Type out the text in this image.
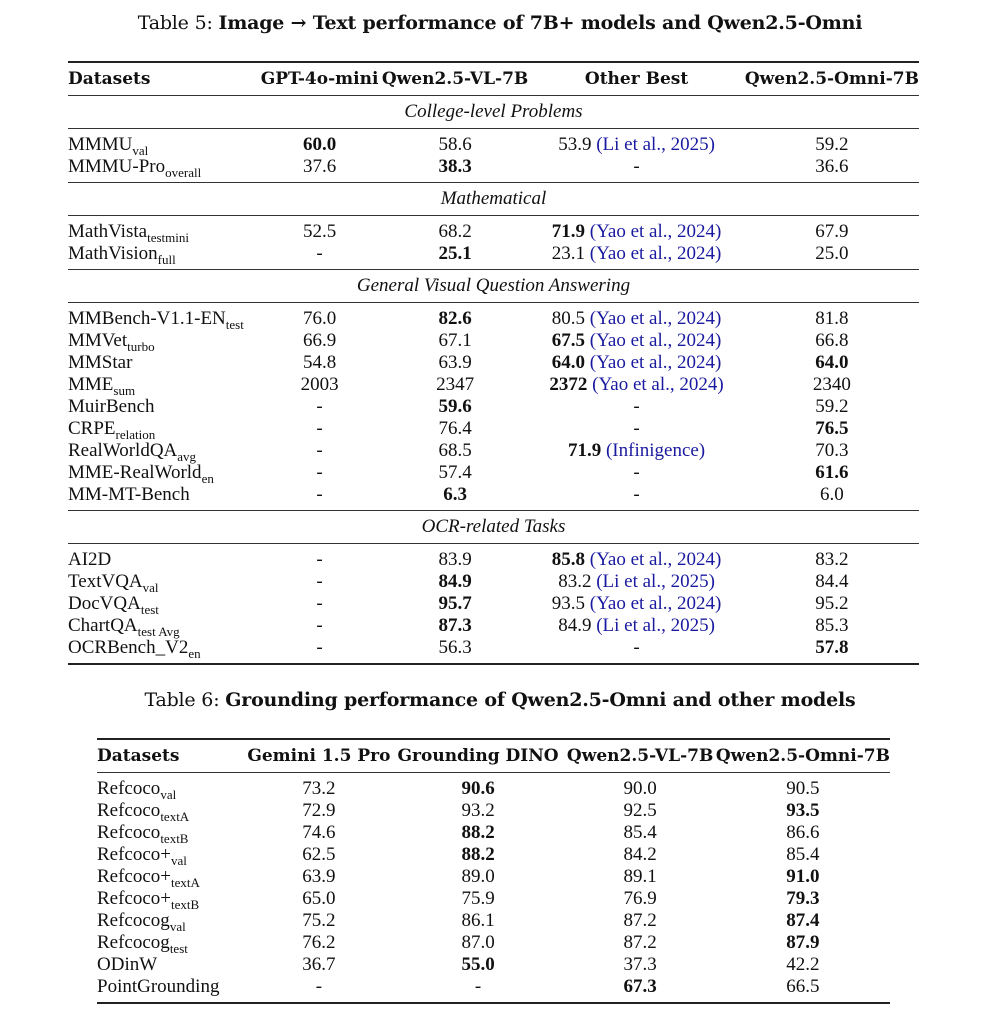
Table 5: Image → Text performance of 7B+ models and Qwen2.5-Omni
Datasets	GPT-4o-mini	Qwen2.5-VL-7B	Other Best	Qwen2.5-Omni-7B
College-level Problems				
$MMMU_{val}$	60.0	58.6	53.9 (Li et al., 2025)	59.2
MMMU-Pro$_{overall}$	37.6	38.3	-	36.6
Mathematical				
MathVista$_{testmini}$	52.5	68.2	71.9 (Yao et al., 2024)	67.9
MathVision$_{full}$	-	25.1	23.1 (Yao et al., 2024)	25.0
General Visual Question Answering				
MMBench-$V1.1-EN_{test}$	76.0	82.6	80.5 (Yao et al., 2024)	81.8
MMVet$_{turbo}$	66.9	67.1	67.5 (Yao et al., 2024)	66.8
MMStar	54.8	63.9	64.0 (Yao et al., 2024)	64.0
$MME_{sum}$	2003	2347	2372 (Yao et al., 2024)	2340
MuirBench	-	59.6	-	59.2
$CRPE_{relation}$	-	76.4	-	76.5
RealWorldQA$_{avg}$	-	68.5	71.9 (Infinigence)	70.3
MME-RealWorld$_{en}$	-	57.4	-	61.6
MM-MT-Bench	-	6.3	-	6.0
OCR-related Tasks				
AI2D	-	83.9	85.8 (Yao et al., 2024)	83.2
TextVQA$_{val}$	-	84.9	83.2 (Li et al., 2025)	84.4
DocVQA$_{test}$	-	95.7	93.5 (Yao et al., 2024)	95.2
ChartQA$_{test Avg}$	-	87.3	84.9 (Li et al., 2025)	85.3
$OCRBench\_V2_{en}$	-	56.3	-	57.8
Table 6: Grounding performance of Qwen2.5-Omni and other models
Datasets	Gemini 1.5 Pro	Grounding DINO	Qwen2.5-VL-7B	Qwen2.5-Omni-7B
Refcoco$_{val}$	73.2	90.6	90.0	90.5
Refcoco$_{textA}$	72.9	93.2	92.5	93.5
Refcoco$_{textB}$	74.6	88.2	85.4	86.6
$Refcoco+_{val}$	62.5	88.2	84.2	85.4
$Refcoco+_{textA}$	63.9	89.0	89.1	91.0
$Refcoco+_{textB}$	65.0	75.9	76.9	79.3
Refcocog$_{val}$	75.2	86.1	87.2	87.4
Refcocog$_{test}$	76.2	87.0	87.2	87.9
ODinW	36.7	55.0	37.3	42.2
PointGrounding	-	-	67.3	66.5
